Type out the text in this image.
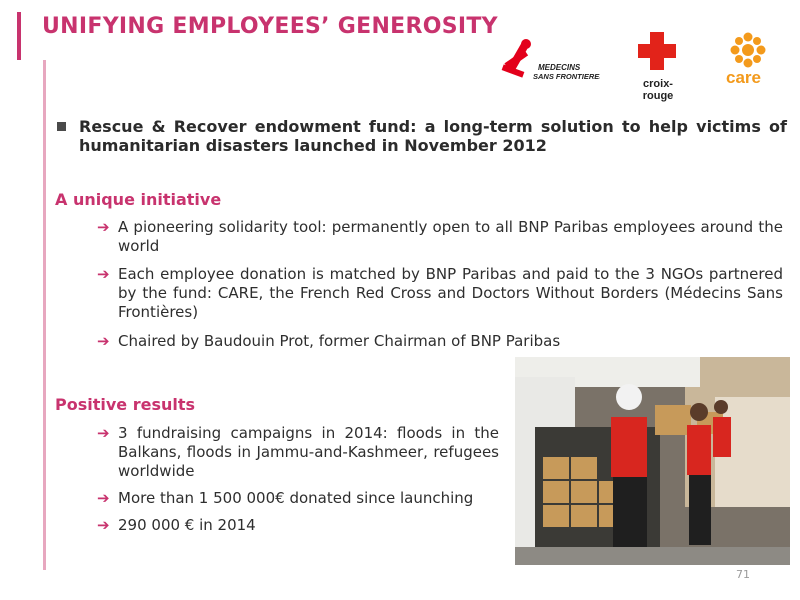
UNIFYING EMPLOYEES’ GENEROSITY
MEDECINS
SANS FRONTIERES
croix-rouge
care
Rescue & Recover endowment fund: a long-term solution to help victims of humanitarian disasters launched in November 2012
A unique initiative
➔ A pioneering solidarity tool: permanently open to all BNP Paribas employees around the world
➔ Each employee donation is matched by BNP Paribas and paid to the 3 NGOs partnered by the fund: CARE, the French Red Cross and Doctors Without Borders (Médecins Sans Frontières)
➔ Chaired by Baudouin Prot, former Chairman of BNP Paribas
Positive results
➔ 3 fundraising campaigns in 2014: floods in the Balkans, floods in Jammu-and-Kashmeer, refugees worldwide
➔ More than 1 500 000€ donated since launching
➔ 290 000 € in 2014
71
